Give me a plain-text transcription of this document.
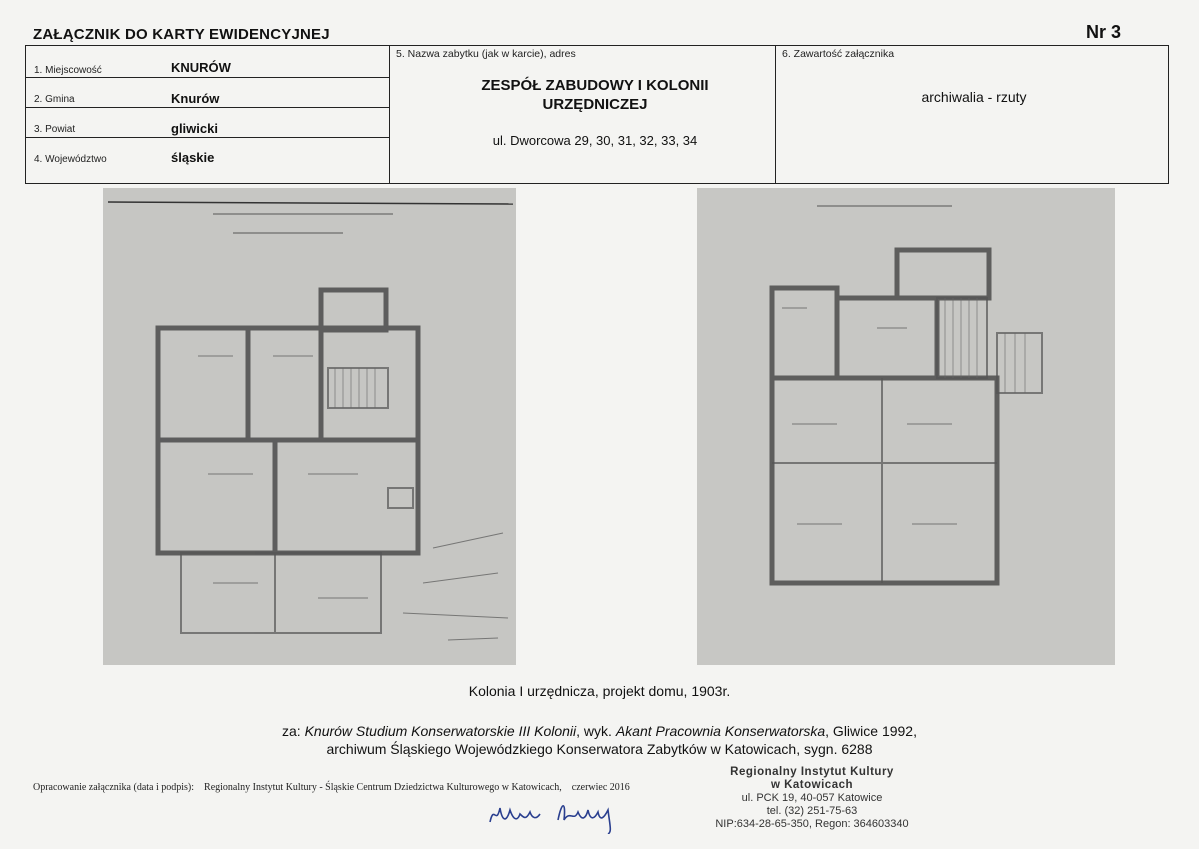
ZAŁĄCZNIK DO KARTY EWIDENCYJNEJ	Nr 3
1. Miejscowość	KNURÓW
2. Gmina	Knurów
3. Powiat	gliwicki
4. Województwo	śląskie
5. Nazwa zabytku (jak w karcie), adres
ZESPÓŁ ZABUDOWY I KOLONII
URZĘDNICZEJ
ul. Dworcowa 29, 30, 31, 32, 33, 34
6. Zawartość załącznika
archiwalia - rzuty
Kolonia I urzędnicza, projekt domu, 1903r.
za: Knurów Studium Konserwatorskie III Kolonii, wyk. Akant Pracownia Konserwatorska, Gliwice 1992,
archiwum Śląskiego Wojewódzkiego Konserwatora Zabytków w Katowicach, sygn. 6288
Opracowanie załącznika (data i podpis): Regionalny Instytut Kultury - Śląskie Centrum Dziedzictwa Kulturowego w Katowicach, czerwiec 2016
Regionalny Instytut Kultury
w Katowicach
ul. PCK 19, 40-057 Katowice
tel. (32) 251-75-63
NIP:634-28-65-350, Regon: 364603340
